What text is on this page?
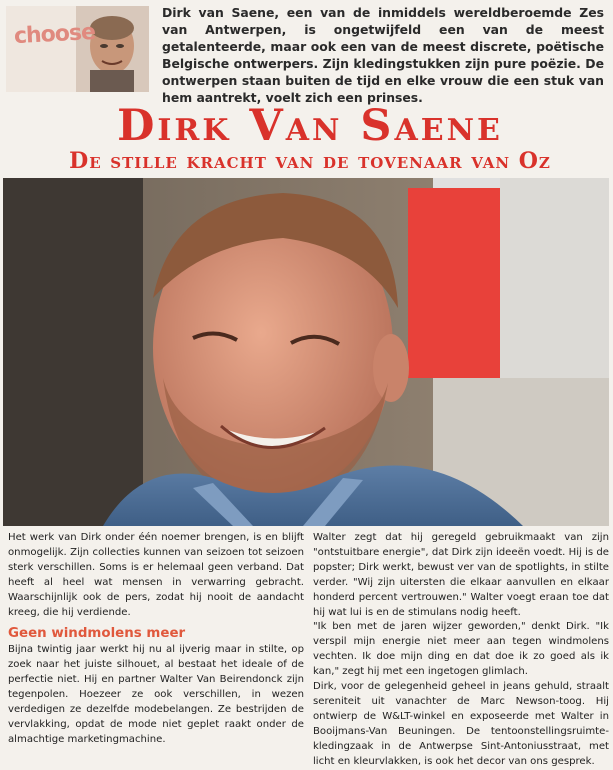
choose
Dirk van Saene, een van de inmiddels wereldberoemde Zes van Antwerpen, is ongetwijfeld een van de meest getalenteerde, maar ook een van de meest discrete, poëtische Belgische ontwerpers. Zijn kledingstukken zijn pure poëzie. De ontwerpen staan buiten de tijd en elke vrouw die een stuk van hem aantrekt, voelt zich een prinses.
Dirk Van Saene
De stille kracht van de tovenaar van Oz

Het werk van Dirk onder één noemer brengen, is en blijft onmogelijk. Zijn collecties kunnen van seizoen tot seizoen sterk verschillen. Soms is er helemaal geen verband. Dat heeft al heel wat mensen in verwarring gebracht. Waarschijnlijk ook de pers, zodat hij nooit de aandacht kreeg, die hij verdiende.

Geen windmolens meer

Bijna twintig jaar werkt hij nu al ijverig maar in stilte, op zoek naar het juiste silhouet, al bestaat het ideale of de perfectie niet. Hij en partner Walter Van Beirendonck zijn tegenpolen. Hoezeer ze ook verschillen, in wezen verdedigen ze dezelfde modebelangen. Ze bestrijden de vervlakking, opdat de mode niet geplet raakt onder de almachtige marketingmachine.

Walter zegt dat hij geregeld gebruikmaakt van zijn "ontstuitbare energie", dat Dirk zijn ideeën voedt. Hij is de popster; Dirk werkt, bewust ver van de spotlights, in stilte verder. "Wij zijn uitersten die elkaar aanvullen en elkaar honderd percent vertrouwen." Walter voegt eraan toe dat hij wat lui is en de stimulans nodig heeft.

"Ik ben met de jaren wijzer geworden," denkt Dirk. "Ik verspil mijn energie niet meer aan tegen windmolens vechten. Ik doe mijn ding en dat doe ik zo goed als ik kan," zegt hij met een ingetogen glimlach.

Dirk, voor de gelegenheid geheel in jeans gehuld, straalt sereniteit uit vanachter de Marc Newson-toog. Hij ontwierp de W&LT-winkel en exposeerde met Walter in Booijmans-Van Beuningen. De tentoonstellingsruimte-kledingzaak in de Antwerpse Sint-Antoniusstraat, met licht en kleurvlakken, is ook het decor van ons gesprek.
